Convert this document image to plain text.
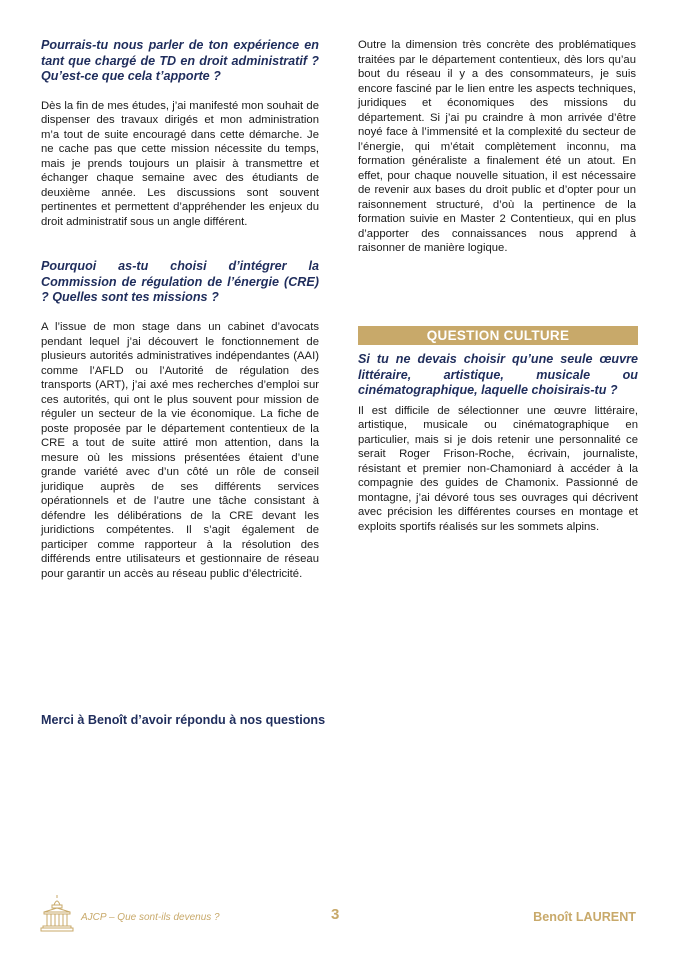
Pourrais-tu nous parler de ton expérience en tant que chargé de TD en droit administratif ? Qu’est-ce que cela t’apporte ?

Dès la fin de mes études, j’ai manifesté mon souhait de dispenser des travaux dirigés et mon administration m’a tout de suite encouragé dans cette démarche. Je ne cache pas que cette mission nécessite du temps, mais je prends toujours un plaisir à transmettre et échanger chaque semaine avec des étudiants de deuxième année. Les discussions sont souvent pertinentes et permettent d’appréhender les enjeux du droit administratif sous un angle différent.

Pourquoi as-tu choisi d’intégrer la Commission de régulation de l’énergie (CRE) ? Quelles sont tes missions ?

A l’issue de mon stage dans un cabinet d’avocats pendant lequel j’ai découvert le fonctionnement de plusieurs autorités administratives indépendantes (AAI) comme l’AFLD ou l’Autorité de régulation des transports (ART), j’ai axé mes recherches d’emploi sur ces autorités, qui ont le plus souvent pour mission de réguler un secteur de la vie économique. La fiche de poste proposée par le département contentieux de la CRE a tout de suite attiré mon attention, dans la mesure où les missions présentées étaient d’une grande variété avec d’un côté un rôle de conseil juridique auprès de ses différents services opérationnels et de l’autre une tâche consistant à défendre les délibérations de la CRE devant les juridictions compétentes. Il s’agit également de participer comme rapporteur à la résolution des différends entre utilisateurs et gestionnaire de réseau pour garantir un accès au réseau public d’électricité.

Outre la dimension très concrète des problématiques traitées par le département contentieux, dès lors qu’au bout du réseau il y a des consommateurs, je suis encore fasciné par le lien entre les aspects techniques, juridiques et économiques des missions du département. Si j’ai pu craindre à mon arrivée d’être noyé face à l’immensité et la complexité du secteur de l’énergie, qui m’était complètement inconnu, ma formation généraliste a finalement été un atout. En effet, pour chaque nouvelle situation, il est nécessaire de revenir aux bases du droit public et d’opter pour un raisonnement structuré, d’où la pertinence de la formation suivie en Master 2 Contentieux, qui en plus d’apporter des connaissances nous apprend à raisonner de manière logique.

QUESTION CULTURE

Si tu ne devais choisir qu’une seule œuvre littéraire, artistique, musicale ou cinématographique, laquelle choisirais-tu ?

Il est difficile de sélectionner une œuvre littéraire, artistique, musicale ou cinématographique en particulier, mais si je dois retenir une personnalité ce serait Roger Frison-Roche, écrivain, journaliste, résistant et premier non-Chamoniard à accéder à la compagnie des guides de Chamonix. Passionné de montagne, j’ai dévoré tous ses ouvrages qui décrivent avec précision les différentes courses en montage et exploits sportifs réalisés sur les sommets alpins.

Merci à Benoît d’avoir répondu à nos questions
AJCP – Que sont-ils devenus ?	3	Benoît LAURENT
